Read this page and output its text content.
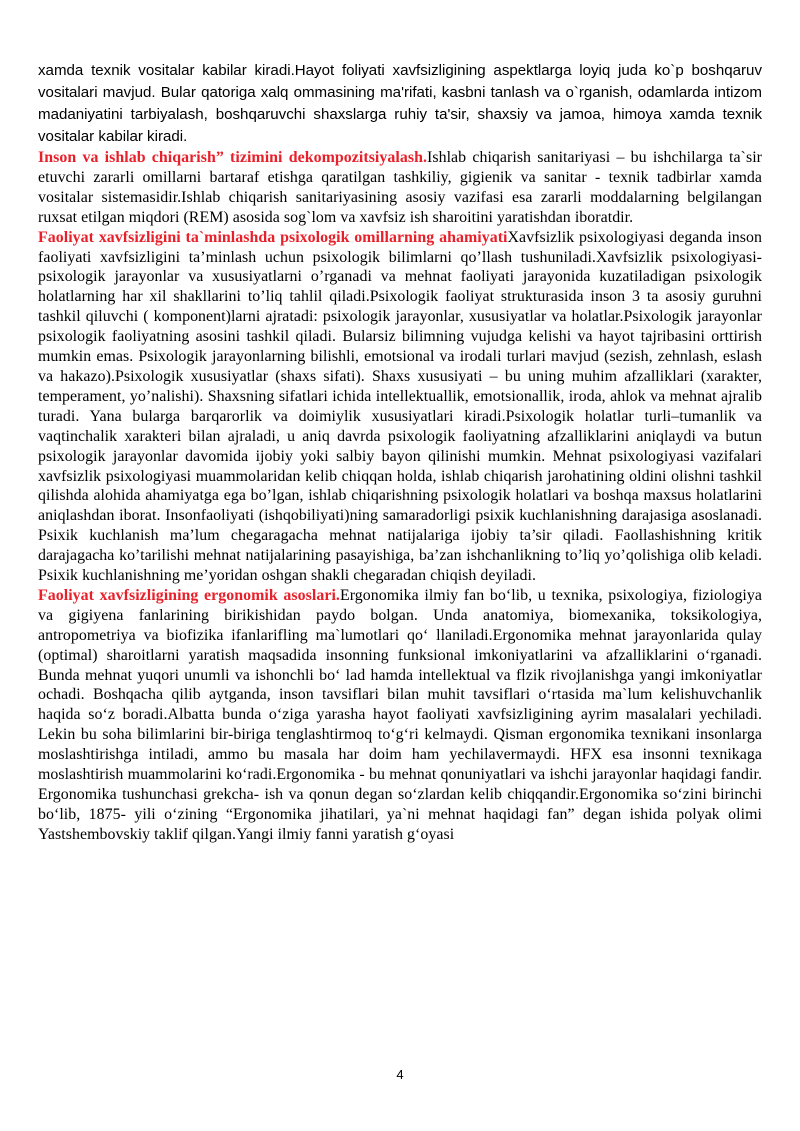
xamda texnik vositalar kabilar kiradi.Hayot foliyati xavfsizligining aspektlarga loyiq juda ko`p boshqaruv vositalari mavjud. Bular qatoriga xalq ommasining ma'rifati, kasbni tanlash va o`rganish, odamlarda intizom madaniyatini tarbiyalash, boshqaruvchi shaxslarga ruhiy ta'sir, shaxsiy va jamoa, himoya xamda texnik vositalar kabilar kiradi.

Inson va ishlab chiqarish” tizimini dekompozitsiyalash.Ishlab chiqarish sanitariyasi – bu ishchilarga ta`sir etuvchi zararli omillarni bartaraf etishga qaratilgan tashkiliy, gigienik va sanitar - texnik tadbirlar xamda vositalar sistemasidir.Ishlab chiqarish sanitariyasining asosiy vazifasi esa zararli moddalarning belgilangan ruxsat etilgan miqdori (REM) asosida sog`lom va xavfsiz ish sharoitini yaratishdan iboratdir.

Faoliyat xavfsizligini ta`minlashda psixologik omillarning ahamiyatiXavfsizlik psixologiyasi deganda inson faoliyati xavfsizligini ta’minlash uchun psixologik bilimlarni qo’llash tushuniladi.Xavfsizlik psixologiyasi-psixologik jarayonlar va xususiyatlarni o’rganadi va mehnat faoliyati jarayonida kuzatiladigan psixologik holatlarning har xil shakllarini to’liq tahlil qiladi.Psixologik faoliyat strukturasida inson 3 ta asosiy guruhni tashkil qiluvchi ( komponent)larni ajratadi: psixologik jarayonlar, xususiyatlar va holatlar.Psixologik jarayonlar psixologik faoliyatning asosini tashkil qiladi. Bularsiz bilimning vujudga kelishi va hayot tajribasini orttirish mumkin emas. Psixologik jarayonlarning bilishli, emotsional va irodali turlari mavjud (sezish, zehnlash, eslash va hakazo).Psixologik xususiyatlar (shaxs sifati). Shaxs xususiyati – bu uning muhim afzalliklari (xarakter, temperament, yo’nalishi). Shaxsning sifatlari ichida intellektuallik, emotsionallik, iroda, ahlok va mehnat ajralib turadi. Yana bularga barqarorlik va doimiylik xususiyatlari kiradi.Psixologik holatlar turli–tumanlik va vaqtinchalik xarakteri bilan ajraladi, u aniq davrda psixologik faoliyatning afzalliklarini aniqlaydi va butun psixologik jarayonlar davomida ijobiy yoki salbiy bayon qilinishi mumkin. Mehnat psixologiyasi vazifalari xavfsizlik psixologiyasi muammolaridan kelib chiqqan holda, ishlab chiqarish jarohatining oldini olishni tashkil qilishda alohida ahamiyatga ega bo’lgan, ishlab chiqarishning psixologik holatlari va boshqa maxsus holatlarini aniqlashdan iborat. Insonfaoliyati (ishqobiliyati)ning samaradorligi psixik kuchlanishning darajasiga asoslanadi. Psixik kuchlanish ma’lum chegaragacha mehnat natijalariga ijobiy ta’sir qiladi. Faollashishning kritik darajagacha ko’tarilishi mehnat natijalarining pasayishiga, ba’zan ishchanlikning to’liq yo’qolishiga olib keladi. Psixik kuchlanishning me’yoridan oshgan shakli chegaradan chiqish deyiladi.

Faoliyat xavfsizligining ergonomik asoslari.Ergonomika ilmiy fan bo‘lib, u texnika, psixologiya, fiziologiya va gigiyena fanlarining birikishidan paydo bolgan. Unda anatomiya, biomexanika, toksikologiya, antropometriya va biofizika ifanlarifling ma`lumotlari qo‘ llaniladi.Ergonomika mehnat jarayonlarida qulay (optimal) sharoitlarni yaratish maqsadida insonning funksional imkoniyatlarini va afzalliklarini o‘rganadi. Bunda mehnat yuqori unumli va ishonchli bo‘ lad hamda intellektual va flzik rivojlanishga yangi imkoniyatlar ochadi. Boshqacha qilib aytganda, inson tavsiflari bilan muhit tavsiflari o‘rtasida ma`lum kelishuvchanlik haqida so‘z boradi.Albatta bunda o‘ziga yarasha hayot faoliyati xavfsizligining ayrim masalalari yechiladi. Lekin bu soha bilimlarini bir-biriga tenglashtirmoq to‘g‘ri kelmaydi. Qisman ergonomika texnikani insonlarga moslashtirishga intiladi, ammo bu masala har doim ham yechilavermaydi. HFX esa insonni texnikaga moslashtirish muammolarini ko‘radi.Ergonomika - bu mehnat qonuniyatlari va ishchi jarayonlar haqidagi fandir. Ergonomika tushunchasi grekcha- ish va qonun degan so‘zlardan kelib chiqqandir.Ergonomika so‘zini birinchi bo‘lib, 1875- yili o‘zining “Ergonomika jihatilari, ya`ni mehnat haqidagi fan” degan ishida polyak olimi Yastshembovskiy taklif qilgan.Yangi ilmiy fanni yaratish g‘oyasi

4
